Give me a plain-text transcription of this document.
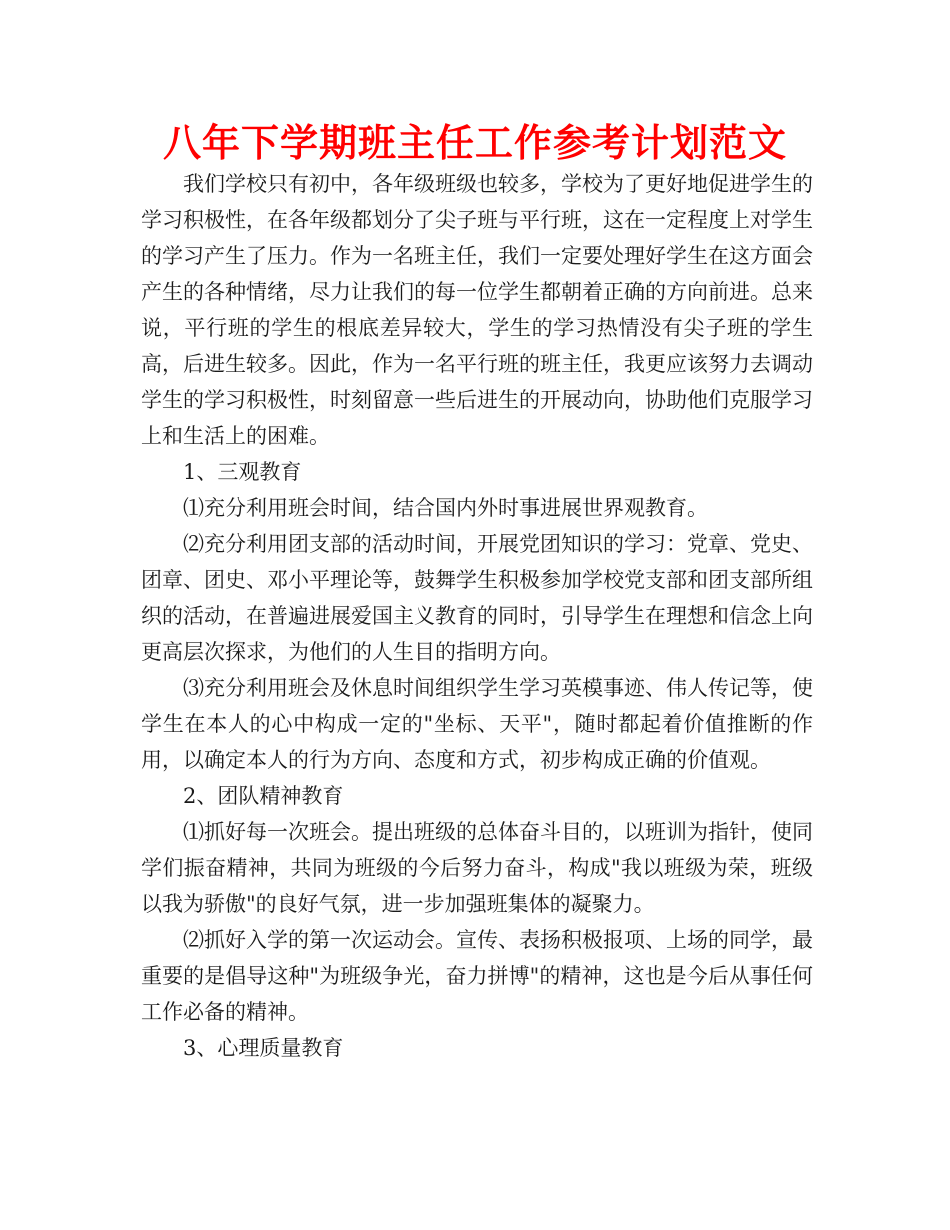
八年下学期班主任工作参考计划范文

我们学校只有初中，各年级班级也较多，学校为了更好地促进学生的学习积极性，在各年级都划分了尖子班与平行班，这在一定程度上对学生的学习产生了压力。作为一名班主任，我们一定要处理好学生在这方面会产生的各种情绪，尽力让我们的每一位学生都朝着正确的方向前进。总来说，平行班的学生的根底差异较大，学生的学习热情没有尖子班的学生高，后进生较多。因此，作为一名平行班的班主任，我更应该努力去调动学生的学习积极性，时刻留意一些后进生的开展动向，协助他们克服学习上和生活上的困难。

1、三观教育

⑴充分利用班会时间，结合国内外时事进展世界观教育。

⑵充分利用团支部的活动时间，开展党团知识的学习：党章、党史、团章、团史、邓小平理论等，鼓舞学生积极参加学校党支部和团支部所组织的活动，在普遍进展爱国主义教育的同时，引导学生在理想和信念上向更高层次探求，为他们的人生目的指明方向。

⑶充分利用班会及休息时间组织学生学习英模事迹、伟人传记等，使学生在本人的心中构成一定的"坐标、天平"，随时都起着价值推断的作用，以确定本人的行为方向、态度和方式，初步构成正确的价值观。

2、团队精神教育

⑴抓好每一次班会。提出班级的总体奋斗目的，以班训为指针，使同学们振奋精神，共同为班级的今后努力奋斗，构成"我以班级为荣，班级以我为骄傲"的良好气氛，进一步加强班集体的凝聚力。

⑵抓好入学的第一次运动会。宣传、表扬积极报项、上场的同学，最重要的是倡导这种"为班级争光，奋力拼博"的精神，这也是今后从事任何工作必备的精神。

3、心理质量教育
